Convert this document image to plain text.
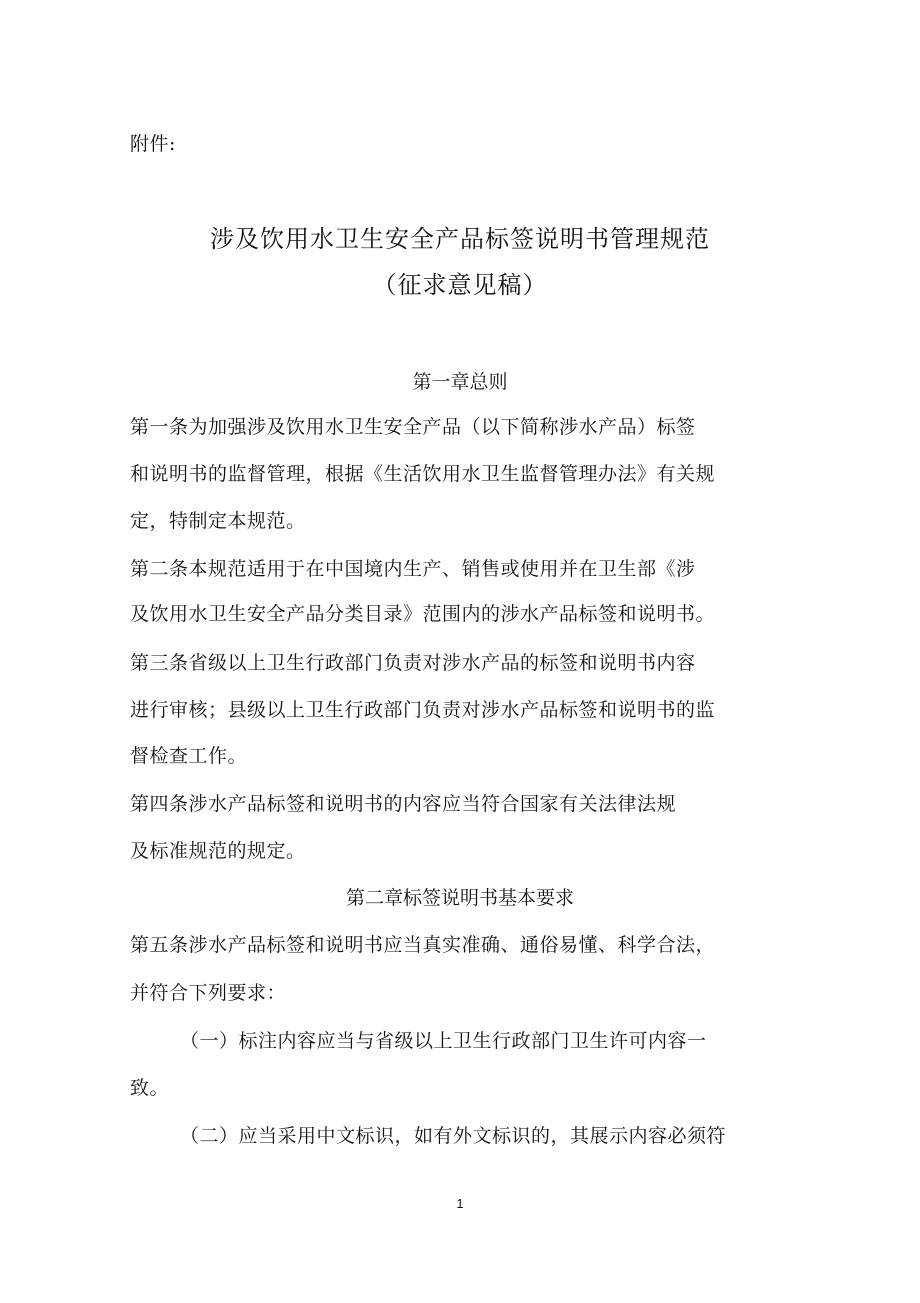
附件:
涉及饮用水卫生安全产品标签说明书管理规范
（征求意见稿）
第一章总则
第一条为加强涉及饮用水卫生安全产品（以下简称涉水产品）标签
和说明书的监督管理，根据《生活饮用水卫生监督管理办法》有关规
定，特制定本规范。
第二条本规范适用于在中国境内生产、销售或使用并在卫生部《涉
及饮用水卫生安全产品分类目录》范围内的涉水产品标签和说明书。
第三条省级以上卫生行政部门负责对涉水产品的标签和说明书内容
进行审核；县级以上卫生行政部门负责对涉水产品标签和说明书的监
督检查工作。
第四条涉水产品标签和说明书的内容应当符合国家有关法律法规
及标准规范的规定。
第二章标签说明书基本要求
第五条涉水产品标签和说明书应当真实准确、通俗易懂、科学合法，
并符合下列要求：
（一）标注内容应当与省级以上卫生行政部门卫生许可内容一
致。
（二）应当采用中文标识，如有外文标识的，其展示内容必须符
1
